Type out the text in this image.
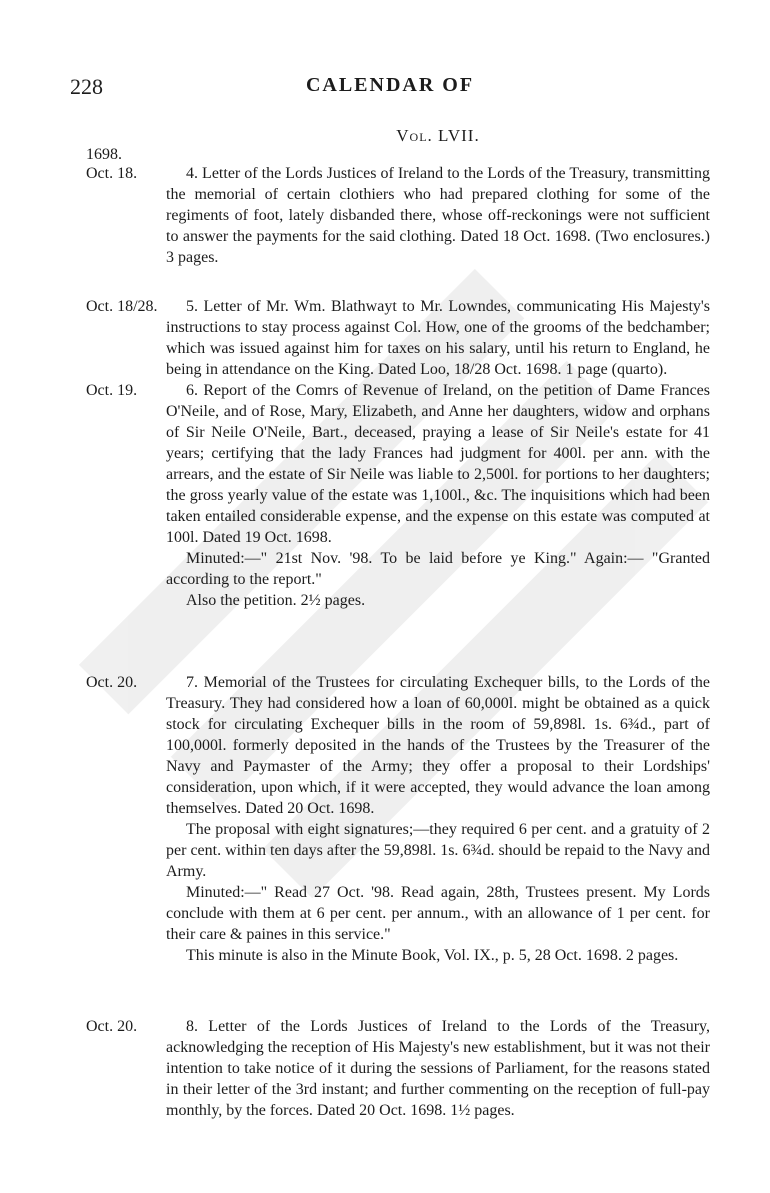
228	CALENDAR OF
Vol. LVII.
1698.
Oct. 18.	4. Letter of the Lords Justices of Ireland to the Lords of the Treasury, transmitting the memorial of certain clothiers who had prepared clothing for some of the regiments of foot, lately disbanded there, whose off-reckonings were not sufficient to answer the payments for the said clothing. Dated 18 Oct. 1698. (Two enclosures.) 3 pages.

Oct. 18/28.	5. Letter of Mr. Wm. Blathwayt to Mr. Lowndes, communicating His Majesty's instructions to stay process against Col. How, one of the grooms of the bedchamber; which was issued against him for taxes on his salary, until his return to England, he being in attendance on the King. Dated Loo, 18/28 Oct. 1698. 1 page (quarto).

Oct. 19.	6. Report of the Comrs of Revenue of Ireland, on the petition of Dame Frances O'Neile, and of Rose, Mary, Elizabeth, and Anne her daughters, widow and orphans of Sir Neile O'Neile, Bart., deceased, praying a lease of Sir Neile's estate for 41 years; certifying that the lady Frances had judgment for 400l. per ann. with the arrears, and the estate of Sir Neile was liable to 2,500l. for portions to her daughters; the gross yearly value of the estate was 1,100l., &c. The inquisitions which had been taken entailed considerable expense, and the expense on this estate was computed at 100l. Dated 19 Oct. 1698.

Minuted:—" 21st Nov. '98. To be laid before ye King." Again:— "Granted according to the report."

Also the petition. 2½ pages.

Oct. 20.	7. Memorial of the Trustees for circulating Exchequer bills, to the Lords of the Treasury. They had considered how a loan of 60,000l. might be obtained as a quick stock for circulating Exchequer bills in the room of 59,898l. 1s. 6¾d., part of 100,000l. formerly deposited in the hands of the Trustees by the Treasurer of the Navy and Paymaster of the Army; they offer a proposal to their Lordships' consideration, upon which, if it were accepted, they would advance the loan among themselves. Dated 20 Oct. 1698.

The proposal with eight signatures;—they required 6 per cent. and a gratuity of 2 per cent. within ten days after the 59,898l. 1s. 6¾d. should be repaid to the Navy and Army.

Minuted:—" Read 27 Oct. '98. Read again, 28th, Trustees present. My Lords conclude with them at 6 per cent. per annum., with an allowance of 1 per cent. for their care & paines in this service."

This minute is also in the Minute Book, Vol. IX., p. 5, 28 Oct. 1698. 2 pages.

Oct. 20.	8. Letter of the Lords Justices of Ireland to the Lords of the Treasury, acknowledging the reception of His Majesty's new establishment, but it was not their intention to take notice of it during the sessions of Parliament, for the reasons stated in their letter of the 3rd instant; and further commenting on the reception of full-pay monthly, by the forces. Dated 20 Oct. 1698. 1½ pages.
